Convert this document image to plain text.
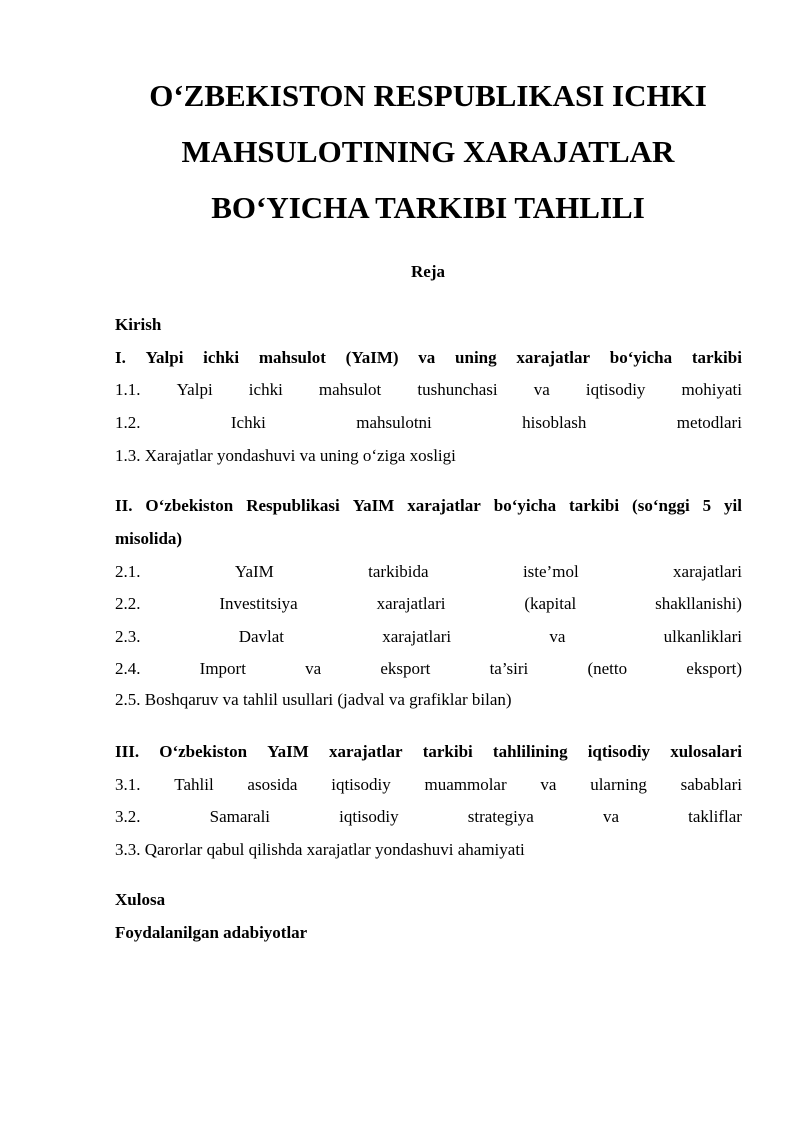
O‘ZBEKISTON RESPUBLIKASI ICHKI
MAHSULOTINING XARAJATLAR
BO‘YICHA TARKIBI TAHLILI
Reja
Kirish
I. Yalpi ichki mahsulot (YaIM) va uning xarajatlar bo‘yicha tarkibi
1.1. Yalpi ichki mahsulot tushunchasi va iqtisodiy mohiyati
1.2.	Ichki	mahsulotni	hisoblash	metodlari
1.3. Xarajatlar yondashuvi va uning o‘ziga xosligi
II. O‘zbekiston Respublikasi YaIM xarajatlar bo‘yicha tarkibi (so‘nggi 5 yil
misolida)
2.1.	YaIM	tarkibida	iste’mol	xarajatlari
2.2.	Investitsiya	xarajatlari	(kapital	shakllanishi)
2.3.	Davlat	xarajatlari	va	ulkanliklari
2.4.	Import	va	eksport	ta’siri	(netto	eksport)
2.5. Boshqaruv va tahlil usullari (jadval va grafiklar bilan)
III. O‘zbekiston YaIM xarajatlar tarkibi tahlilining iqtisodiy xulosalari
3.1. Tahlil asosida iqtisodiy muammolar va ularning sabablari
3.2.	Samarali	iqtisodiy	strategiya	va	takliflar
3.3. Qarorlar qabul qilishda xarajatlar yondashuvi ahamiyati
Xulosa
Foydalanilgan adabiyotlar
